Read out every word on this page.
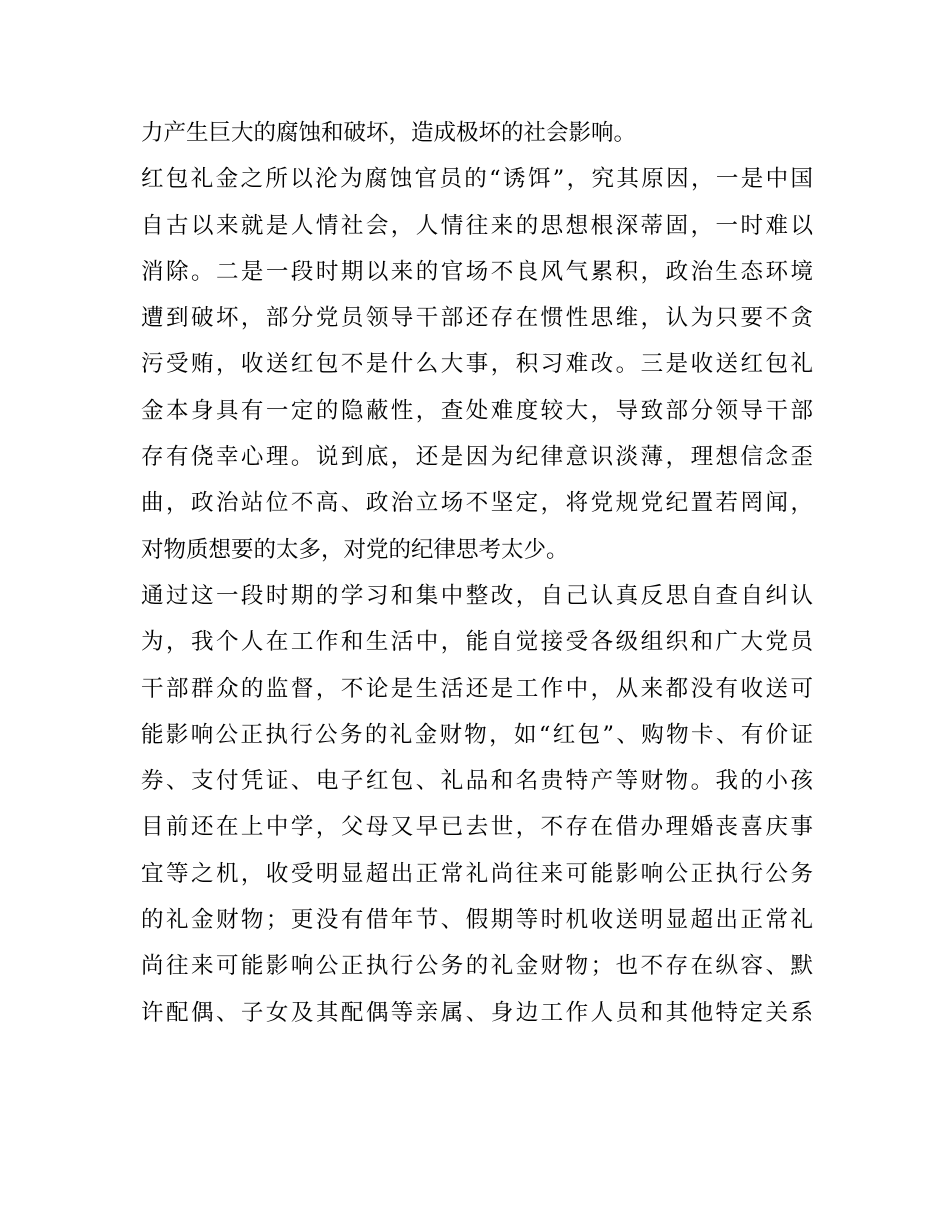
力产生巨大的腐蚀和破坏，造成极坏的社会影响。
红包礼金之所以沦为腐蚀官员的“诱饵”，究其原因，一是中国
自古以来就是人情社会，人情往来的思想根深蒂固，一时难以
消除。二是一段时期以来的官场不良风气累积，政治生态环境
遭到破坏，部分党员领导干部还存在惯性思维，认为只要不贪
污受贿，收送红包不是什么大事，积习难改。三是收送红包礼
金本身具有一定的隐蔽性，查处难度较大，导致部分领导干部
存有侥幸心理。说到底，还是因为纪律意识淡薄，理想信念歪
曲，政治站位不高、政治立场不坚定，将党规党纪置若罔闻，
对物质想要的太多，对党的纪律思考太少。
通过这一段时期的学习和集中整改，自己认真反思自查自纠认
为，我个人在工作和生活中，能自觉接受各级组织和广大党员
干部群众的监督，不论是生活还是工作中，从来都没有收送可
能影响公正执行公务的礼金财物，如“红包”、购物卡、有价证
券、支付凭证、电子红包、礼品和名贵特产等财物。我的小孩
目前还在上中学，父母又早已去世，不存在借办理婚丧喜庆事
宜等之机，收受明显超出正常礼尚往来可能影响公正执行公务
的礼金财物；更没有借年节、假期等时机收送明显超出正常礼
尚往来可能影响公正执行公务的礼金财物；也不存在纵容、默
许配偶、子女及其配偶等亲属、身边工作人员和其他特定关系
